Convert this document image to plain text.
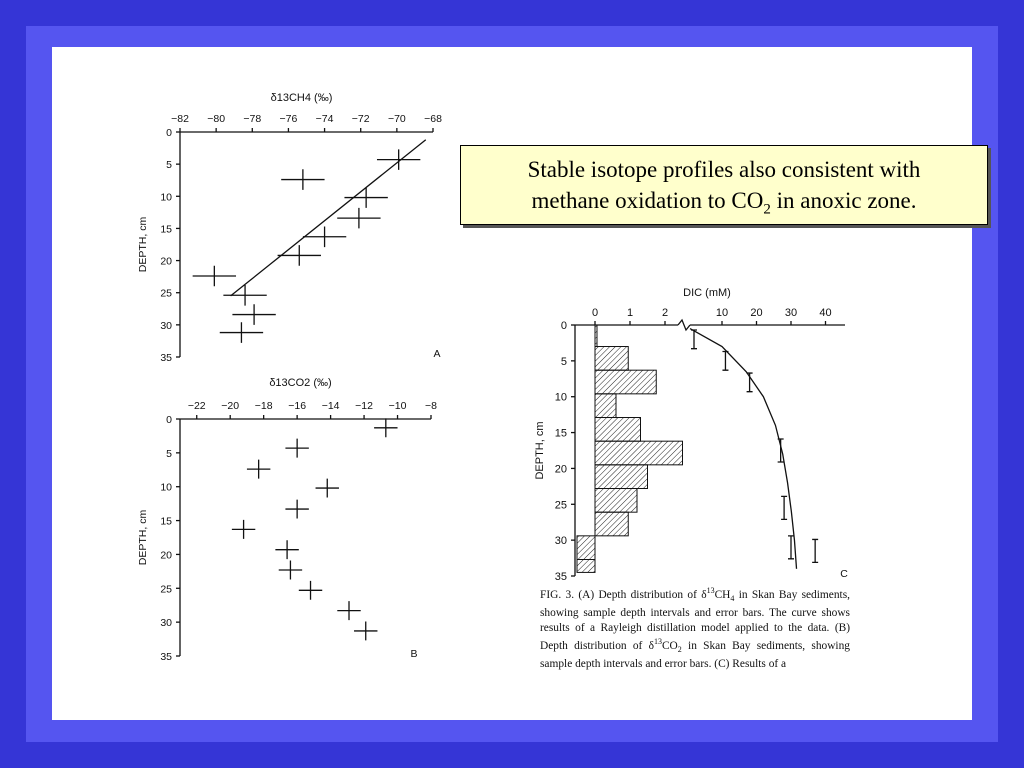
−82 −80 −78 −76 −74 −72 −70 −68
0
5
10
15
20
25
30
35
δ13CH4 (‰)
DEPTH, cm
A
−22 −20 −18 −16 −14 −12 −10 −8
0
5
10
15
20
25
30
35
δ13CO2 (‰)
DEPTH, cm
B
0	1	2	10 20 30 40
0
5
10
15
20
25
30
35
DIC (mM)
DEPTH, cm
C
Stable isotope profiles also consistent with
methane oxidation to $CO_2$ in anoxic zone.
FIG. 3. (A) Depth distribution of $\delta^{13}CH_4$ in Skan Bay sediments, showing sample depth intervals and error bars. The curve shows results of a Rayleigh distillation model applied to the data. (B) Depth distribution of $\delta^{13}CO_2$ in Skan Bay sediments, showing sample depth intervals and error bars. (C) Results of a
